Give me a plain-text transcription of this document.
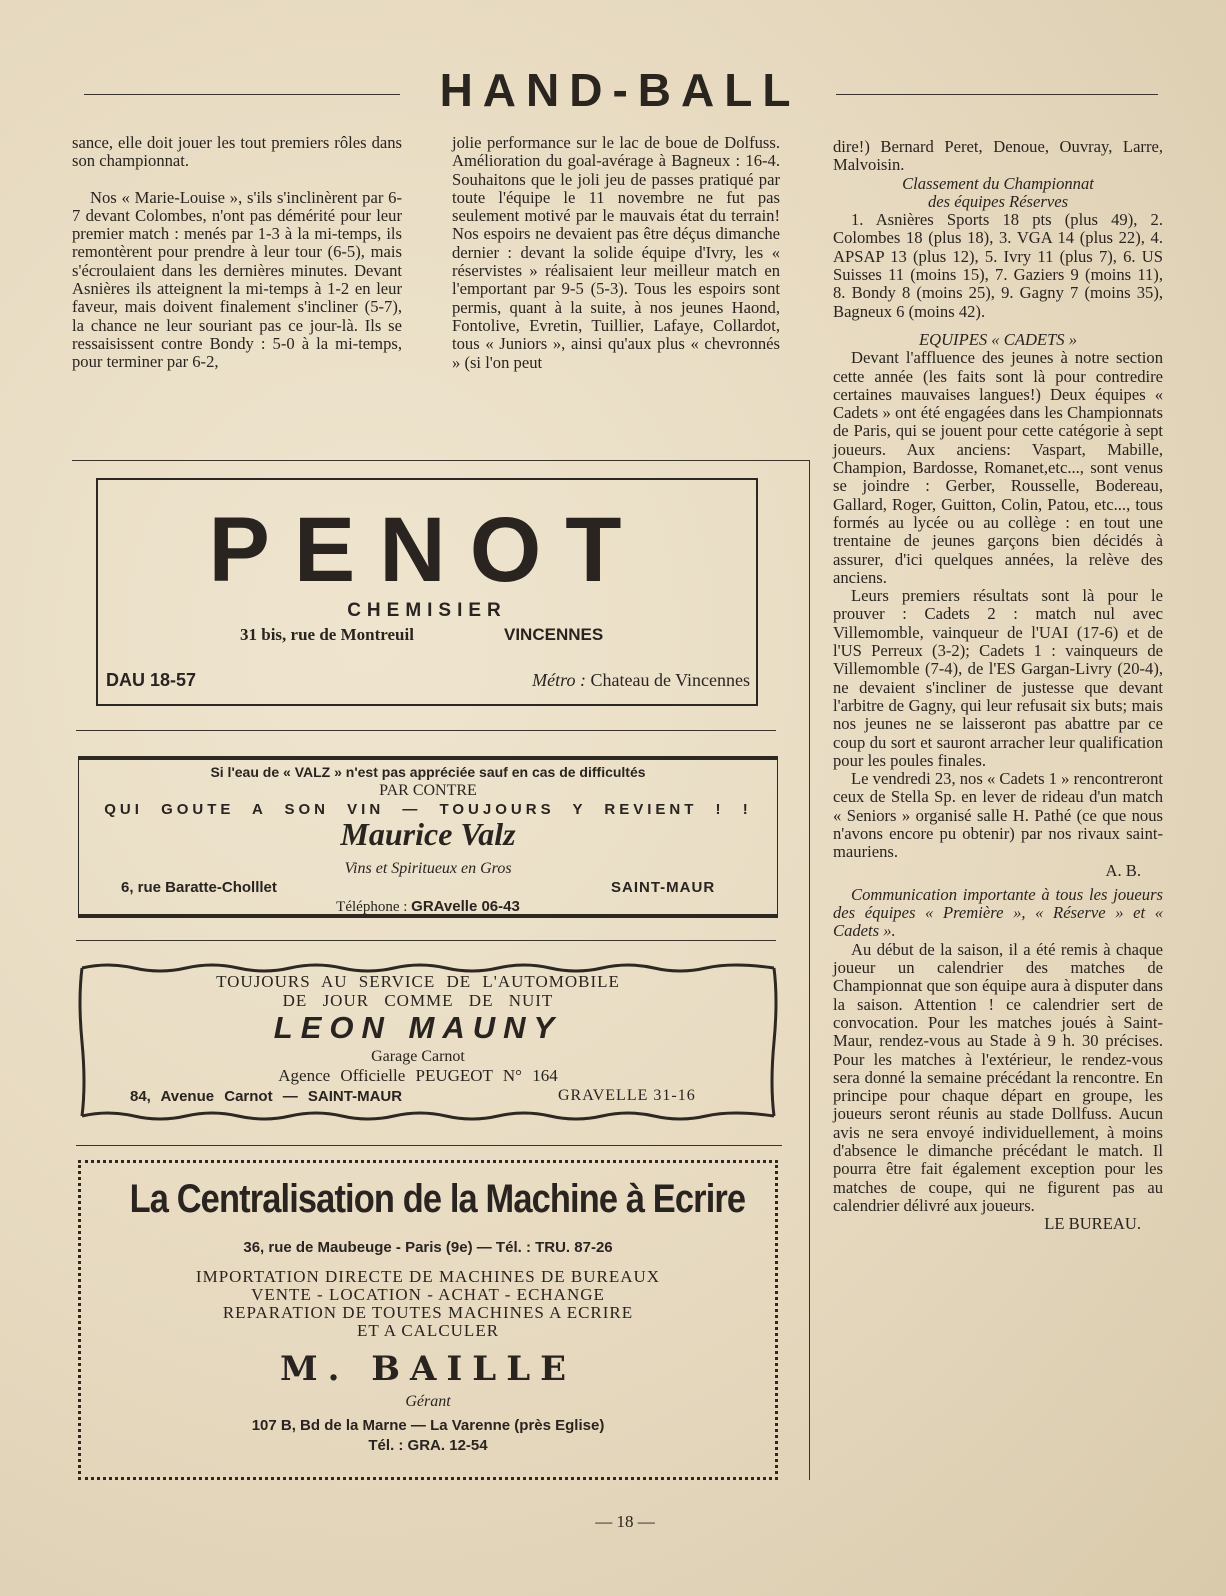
HAND-BALL

sance, elle doit jouer les tout premiers rôles dans son championnat.

Nos « Marie-Louise », s'ils s'inclinèrent par 6-7 devant Colombes, n'ont pas démérité pour leur premier match : menés par 1-3 à la mi-temps, ils remontèrent pour prendre à leur tour (6-5), mais s'écroulaient dans les dernières minutes. Devant Asnières ils atteignent la mi-temps à 1-2 en leur faveur, mais doivent finalement s'incliner (5-7), la chance ne leur souriant pas ce jour-là. Ils se ressaisissent contre Bondy : 5-0 à la mi-temps, pour terminer par 6-2,

jolie performance sur le lac de boue de Dolfuss. Amélioration du goal-avérage à Bagneux : 16-4. Souhaitons que le joli jeu de passes pratiqué par toute l'équipe le 11 novembre ne fut pas seulement motivé par le mauvais état du terrain! Nos espoirs ne devaient pas être déçus dimanche dernier : devant la solide équipe d'Ivry, les « réservistes » réalisaient leur meilleur match en l'emportant par 9-5 (5-3). Tous les espoirs sont permis, quant à la suite, à nos jeunes Haond, Fontolive, Evretin, Tuillier, Lafaye, Collardot, tous « Juniors », ainsi qu'aux plus « chevronnés » (si l'on peut

dire!) Bernard Peret, Denoue, Ouvray, Larre, Malvoisin.

Classement du Championnat

des équipes Réserves

1. Asnières Sports 18 pts (plus 49), 2. Colombes 18 (plus 18), 3. VGA 14 (plus 22), 4. APSAP 13 (plus 12), 5. Ivry 11 (plus 7), 6. US Suisses 11 (moins 15), 7. Gaziers 9 (moins 11), 8. Bondy 8 (moins 25), 9. Gagny 7 (moins 35), Bagneux 6 (moins 42).

EQUIPES « CADETS »

Devant l'affluence des jeunes à notre section cette année (les faits sont là pour contredire certaines mauvaises langues!) Deux équipes « Cadets » ont été engagées dans les Championnats de Paris, qui se jouent pour cette catégorie à sept joueurs. Aux anciens: Vaspart, Mabille, Champion, Bardosse, Romanet,etc..., sont venus se joindre : Gerber, Rousselle, Bodereau, Gallard, Roger, Guitton, Colin, Patou, etc..., tous formés au lycée ou au collège : en tout une trentaine de jeunes garçons bien décidés à assurer, d'ici quelques années, la relève des anciens.

Leurs premiers résultats sont là pour le prouver : Cadets 2 : match nul avec Villemomble, vainqueur de l'UAI (17-6) et de l'US Perreux (3-2); Cadets 1 : vainqueurs de Villemomble (7-4), de l'ES Gargan-Livry (20-4), ne devaient s'incliner de justesse que devant l'arbitre de Gagny, qui leur refusait six buts; mais nos jeunes ne se laisseront pas abattre par ce coup du sort et sauront arracher leur qualification pour les poules finales.

Le vendredi 23, nos « Cadets 1 » rencontreront ceux de Stella Sp. en lever de rideau d'un match « Seniors » organisé salle H. Pathé (ce que nous n'avons encore pu obtenir) par nos rivaux saint-mauriens.

A. B.

Communication importante à tous les joueurs des équipes « Première », « Réserve » et « Cadets ».

Au début de la saison, il a été remis à chaque joueur un calendrier des matches de Championnat que son équipe aura à disputer dans la saison. Attention ! ce calendrier sert de convocation. Pour les matches joués à Saint-Maur, rendez-vous au Stade à 9 h. 30 précises. Pour les matches à l'extérieur, le rendez-vous sera donné la semaine précédant la rencontre. En principe pour chaque départ en groupe, les joueurs seront réunis au stade Dollfuss. Aucun avis ne sera envoyé individuellement, à moins d'absence le dimanche précédant le match. Il pourra être fait également exception pour les matches de coupe, qui ne figurent pas au calendrier délivré aux joueurs.

LE BUREAU.

PENOT
CHEMISIER
31 bis, rue de Montreuil	VINCENNES
DAU 18-57	Métro : Chateau de Vincennes
Si l'eau de « VALZ » n'est pas appréciée sauf en cas de difficultés
PAR CONTRE
QUI GOUTE A SON VIN — TOUJOURS Y REVIENT ! !
Maurice Valz
Vins et Spiritueux en Gros
6, rue Baratte-Cholllet	SAINT-MAUR
Téléphone : GRAvelle 06-43
TOUJOURS AU SERVICE DE L'AUTOMOBILE
DE JOUR COMME DE NUIT
LEON MAUNY
Garage Carnot
Agence Officielle PEUGEOT N° 164
84, Avenue Carnot — SAINT-MAUR	GRAVELLE 31-16
La Centralisation de la Machine à Ecrire
36, rue de Maubeuge - Paris (9e) — Tél. : TRU. 87-26
IMPORTATION DIRECTE DE MACHINES DE BUREAUX
VENTE - LOCATION - ACHAT - ECHANGE
REPARATION DE TOUTES MACHINES A ECRIRE
ET A CALCULER
M. BAILLE
Gérant
107 B, Bd de la Marne — La Varenne (près Eglise)
Tél. : GRA. 12-54
— 18 —
